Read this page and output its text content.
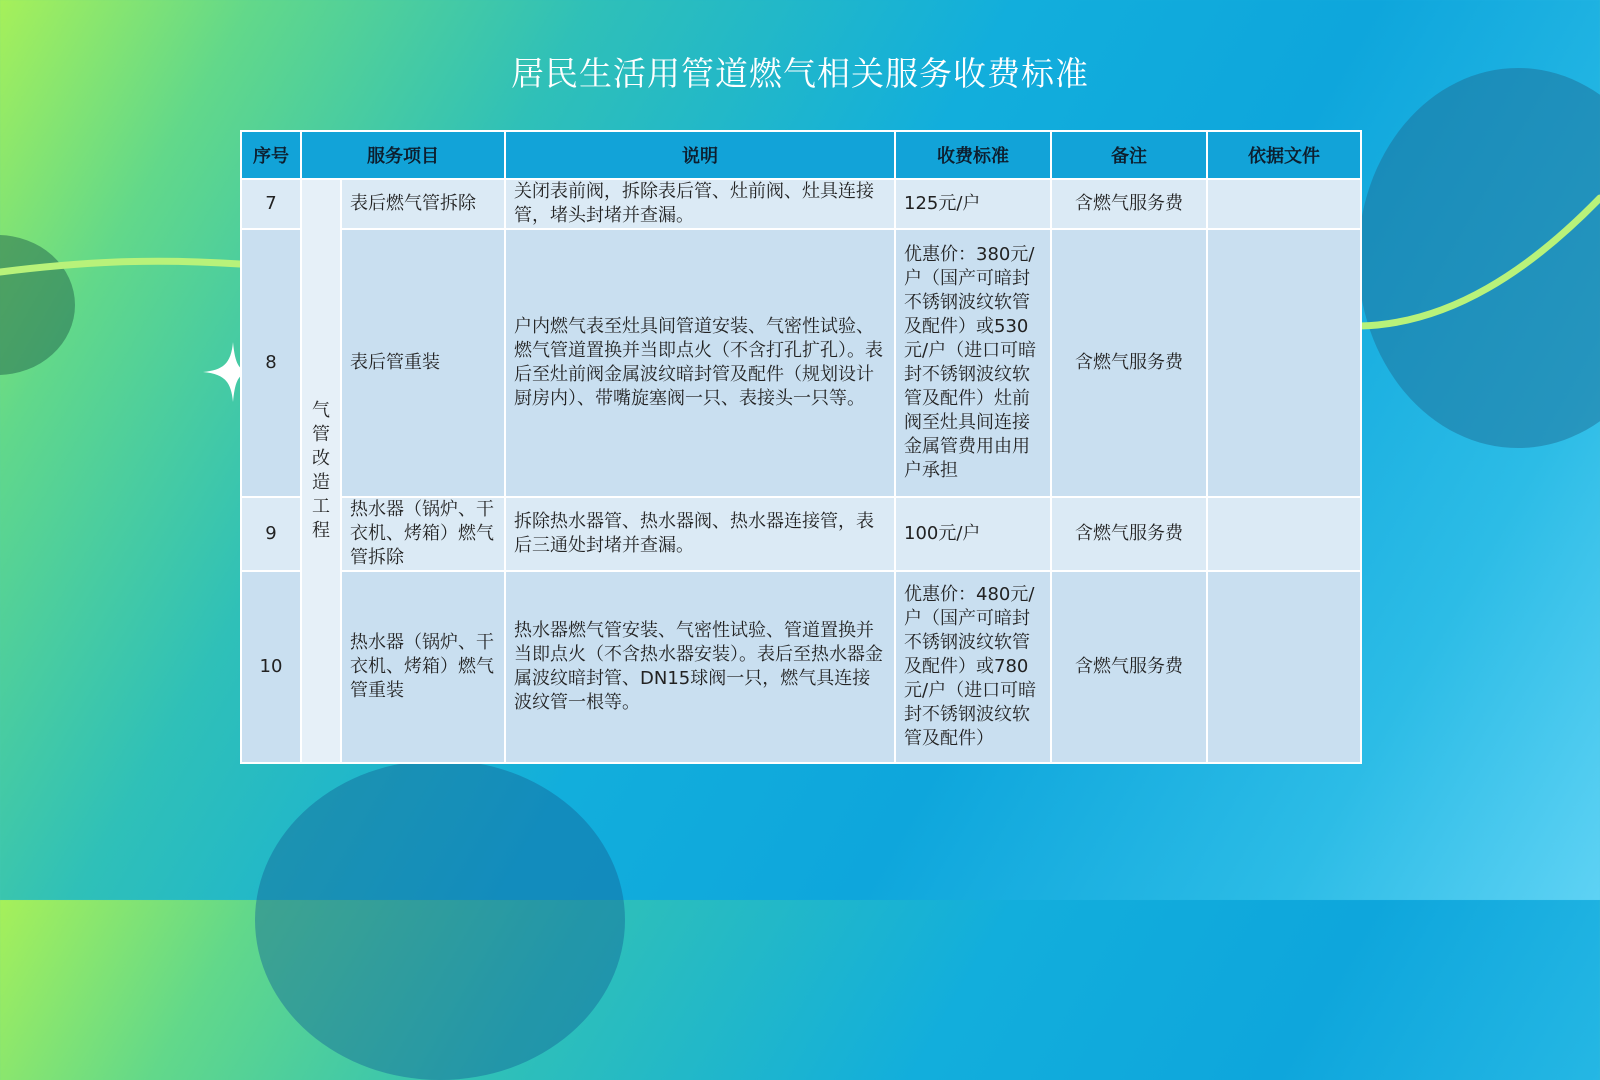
居民生活用管道燃气相关服务收费标准
序号	服务项目		说明	收费标准	备注	依据文件
7	气管改造工程	表后燃气管拆除	关闭表前阀，拆除表后管、灶前阀、灶具连接管，堵头封堵并查漏。	125元/户	含燃气服务费	
8		表后管重装	户内燃气表至灶具间管道安装、气密性试验、燃气管道置换并当即点火（不含打孔扩孔）。表后至灶前阀金属波纹暗封管及配件（规划设计厨房内）、带嘴旋塞阀一只、表接头一只等。	优惠价：380元/户（国产可暗封不锈钢波纹软管及配件）或530元/户（进口可暗封不锈钢波纹软管及配件）灶前阀至灶具间连接金属管费用由用户承担	含燃气服务费	
9		热水器（锅炉、干衣机、烤箱）燃气管拆除	拆除热水器管、热水器阀、热水器连接管，表后三通处封堵并查漏。	100元/户	含燃气服务费	
10		热水器（锅炉、干衣机、烤箱）燃气管重装	热水器燃气管安装、气密性试验、管道置换并当即点火（不含热水器安装）。表后至热水器金属波纹暗封管、DN15球阀一只，燃气具连接波纹管一根等。	优惠价：480元/户（国产可暗封不锈钢波纹软管及配件）或780元/户（进口可暗封不锈钢波纹软管及配件）	含燃气服务费	
